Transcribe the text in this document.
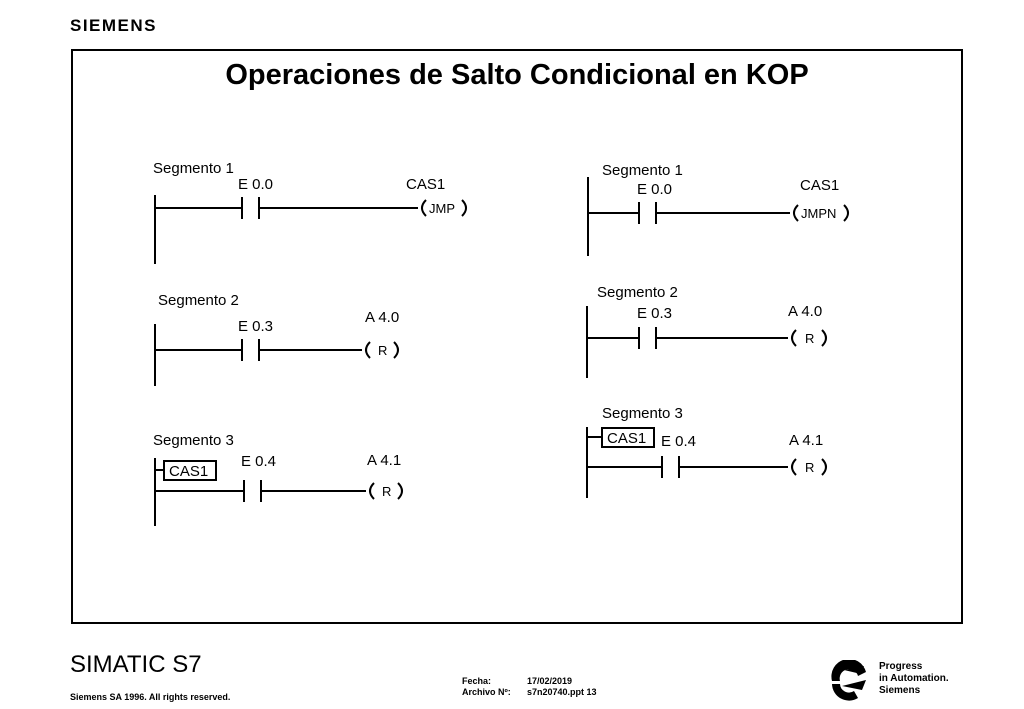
SIEMENS
Operaciones de Salto Condicional en KOP
Segmento 1
E 0.0	CAS1
JMP
Segmento 2
E 0.3
A 4.0
R
Segmento 3
CAS1
E 0.4	A 4.1
R
Segmento 1
E 0.0	CAS1
JMPN
Segmento 2
E 0.3	A 4.0
R
Segmento 3
CAS1 E 0.4	A 4.1
R
SIMATIC S7
Siemens SA 1996. All rights reserved.
Fecha:	17/02/2019
Archivo Nº: s7n20740.ppt 13
Progress
in Automation.
Siemens
